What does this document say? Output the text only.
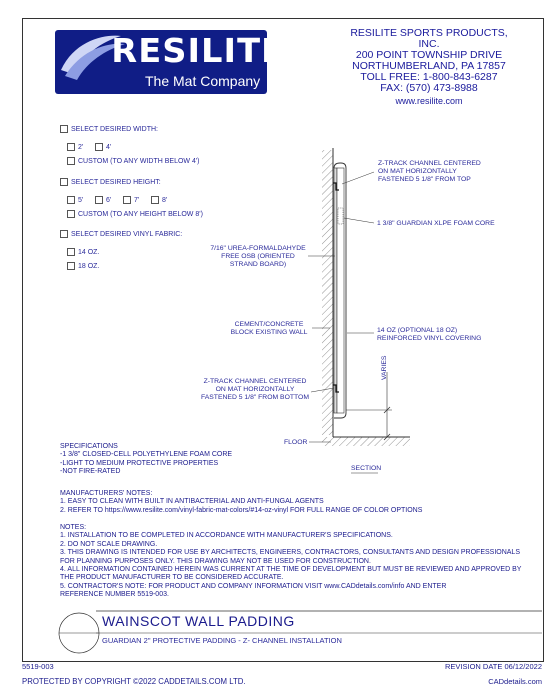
RESILITE
The Mat Company
RESILITE SPORTS PRODUCTS, INC.
200 POINT TOWNSHIP DRIVE
NORTHUMBERLAND, PA 17857
TOLL FREE: 1-800-843-6287
FAX: (570) 473-8988
www.resilite.com
SELECT DESIRED WIDTH:
2'	4'
CUSTOM (TO ANY WIDTH BELOW 4')
SELECT DESIRED HEIGHT:
5'	6'	7'	8'
CUSTOM (TO ANY HEIGHT BELOW 8')
SELECT DESIRED VINYL FABRIC:
14 OZ.
18 OZ.
Z-TRACK CHANNEL CENTERED
ON MAT HORIZONTALLY
FASTENED 5 1/8" FROM TOP
1 3/8" GUARDIAN XLPE FOAM CORE
7/16" UREA-FORMALDAHYDE
FREE OSB (ORIENTED
STRAND BOARD)
CEMENT/CONCRETE
BLOCK EXISTING WALL	14 OZ (OPTIONAL 18 OZ)
REINFORCED VINYL COVERING
Z-TRACK CHANNEL CENTERED
ON MAT HORIZONTALLY
FASTENED 5 1/8" FROM BOTTOM
VARIES
FLOOR
SECTION
SPECIFICATIONS
-1 3/8" CLOSED-CELL POLYETHYLENE FOAM CORE
-LIGHT TO MEDIUM PROTECTIVE PROPERTIES
-NOT FIRE-RATED
MANUFACTURERS' NOTES:
1. EASY TO CLEAN WITH BUILT IN ANTIBACTERIAL AND ANTI-FUNGAL AGENTS
2. REFER TO https://www.resilite.com/vinyl-fabric-mat-colors/#14-oz-vinyl FOR FULL RANGE OF COLOR OPTIONS
NOTES:
1. INSTALLATION TO BE COMPLETED IN ACCORDANCE WITH MANUFACTURER'S SPECIFICATIONS.
2. DO NOT SCALE DRAWING.
3. THIS DRAWING IS INTENDED FOR USE BY ARCHITECTS, ENGINEERS, CONTRACTORS, CONSULTANTS AND DESIGN PROFESSIONALS
FOR PLANNING PURPOSES ONLY. THIS DRAWING MAY NOT BE USED FOR CONSTRUCTION.
4. ALL INFORMATION CONTAINED HEREIN WAS CURRENT AT THE TIME OF DEVELOPMENT BUT MUST BE REVIEWED AND APPROVED BY
THE PRODUCT MANUFACTURER TO BE CONSIDERED ACCURATE.
5. CONTRACTOR'S NOTE: FOR PRODUCT AND COMPANY INFORMATION VISIT www.CADdetails.com/info AND ENTER
REFERENCE NUMBER 5519-003.
WAINSCOT WALL PADDING
GUARDIAN 2" PROTECTIVE PADDING - Z- CHANNEL INSTALLATION
5519-003	REVISION DATE 06/12/2022
PROTECTED BY COPYRIGHT ©2022 CADDETAILS.COM LTD.	CADdetails.com
